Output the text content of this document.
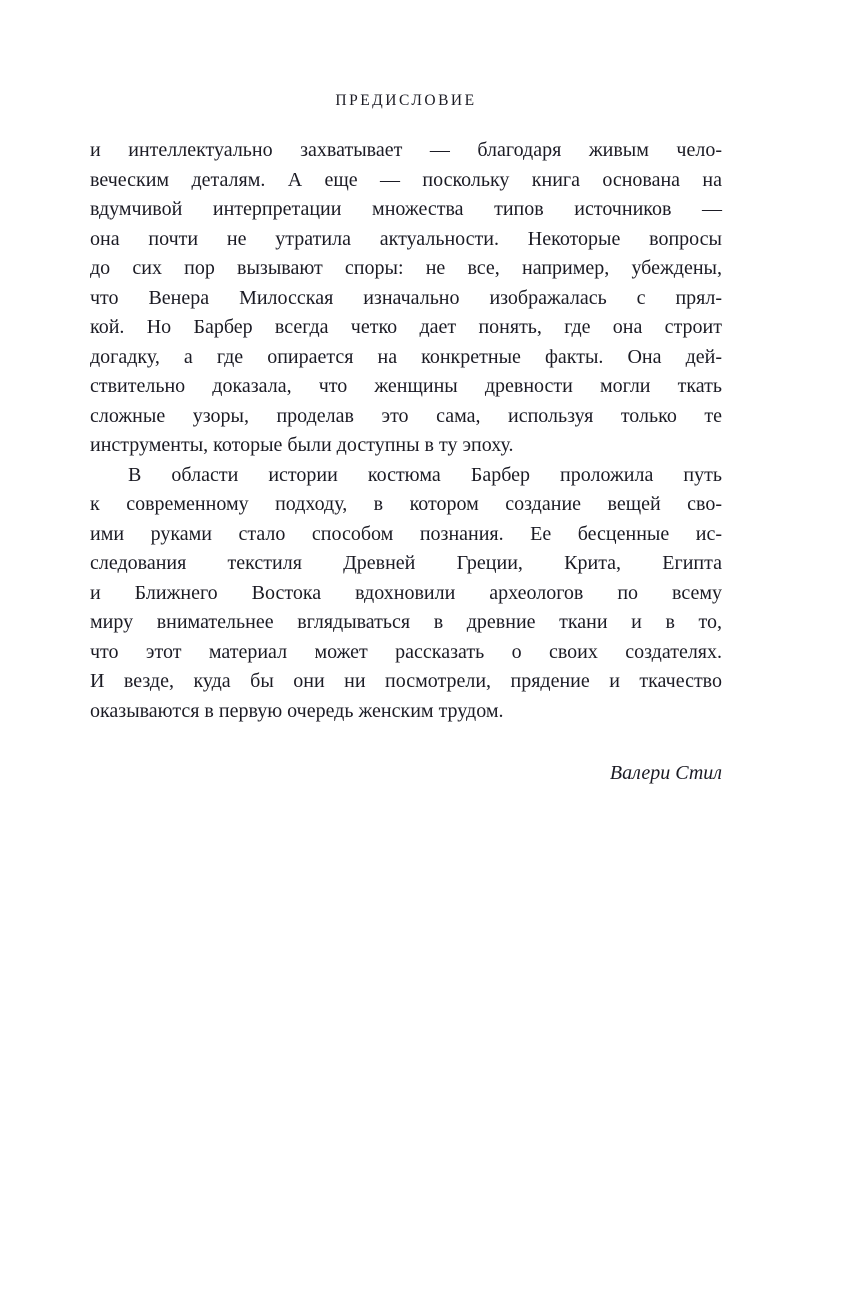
ПРЕДИСЛОВИЕ
и интеллектуально захватывает — благодаря живым чело-
веческим деталям. А еще — поскольку книга основана на
вдумчивой интерпретации множества типов источников —
она почти не утратила актуальности. Некоторые вопросы
до сих пор вызывают споры: не все, например, убеждены,
что Венера Милосская изначально изображалась с прял-
кой. Но Барбер всегда четко дает понять, где она строит
догадку, а где опирается на конкретные факты. Она дей-
ствительно доказала, что женщины древности могли ткать
сложные узоры, проделав это сама, используя только те
инструменты, которые были доступны в ту эпоху.
В области истории костюма Барбер проложила путь
к современному подходу, в котором создание вещей сво-
ими руками стало способом познания. Ее бесценные ис-
следования текстиля Древней Греции, Крита, Египта
и Ближнего Востока вдохновили археологов по всему
миру внимательнее вглядываться в древние ткани и в то,
что этот материал может рассказать о своих создателях.
И везде, куда бы они ни посмотрели, прядение и ткачество
оказываются в первую очередь женским трудом.
Валери Стил
